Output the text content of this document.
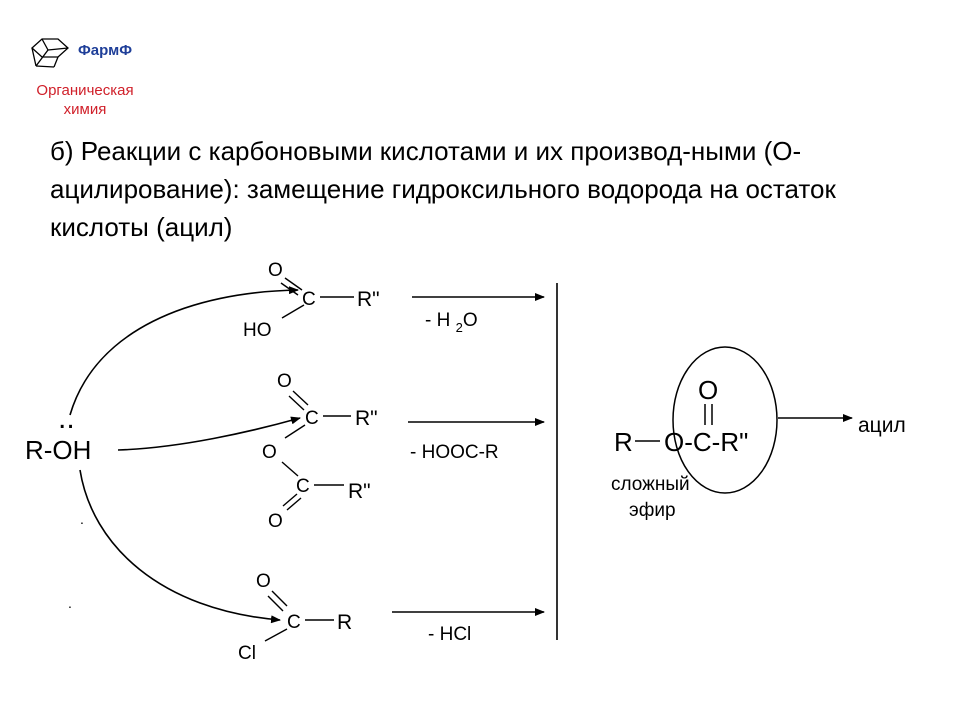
ФармФ
Органическая химия
б) Реакции с карбоновыми кислотами и их производ-ными (О-ацилирование): замещение гидроксильного водорода на остаток кислоты (ацил)
..
R-OH
.
.
O
C R"
HO	- H $_2$O
O
C R"
O
C R"
O
- HOOC-R
O
C R
Cl
- HCl
R O-C-R"
O
ацил
сложный
эфир
